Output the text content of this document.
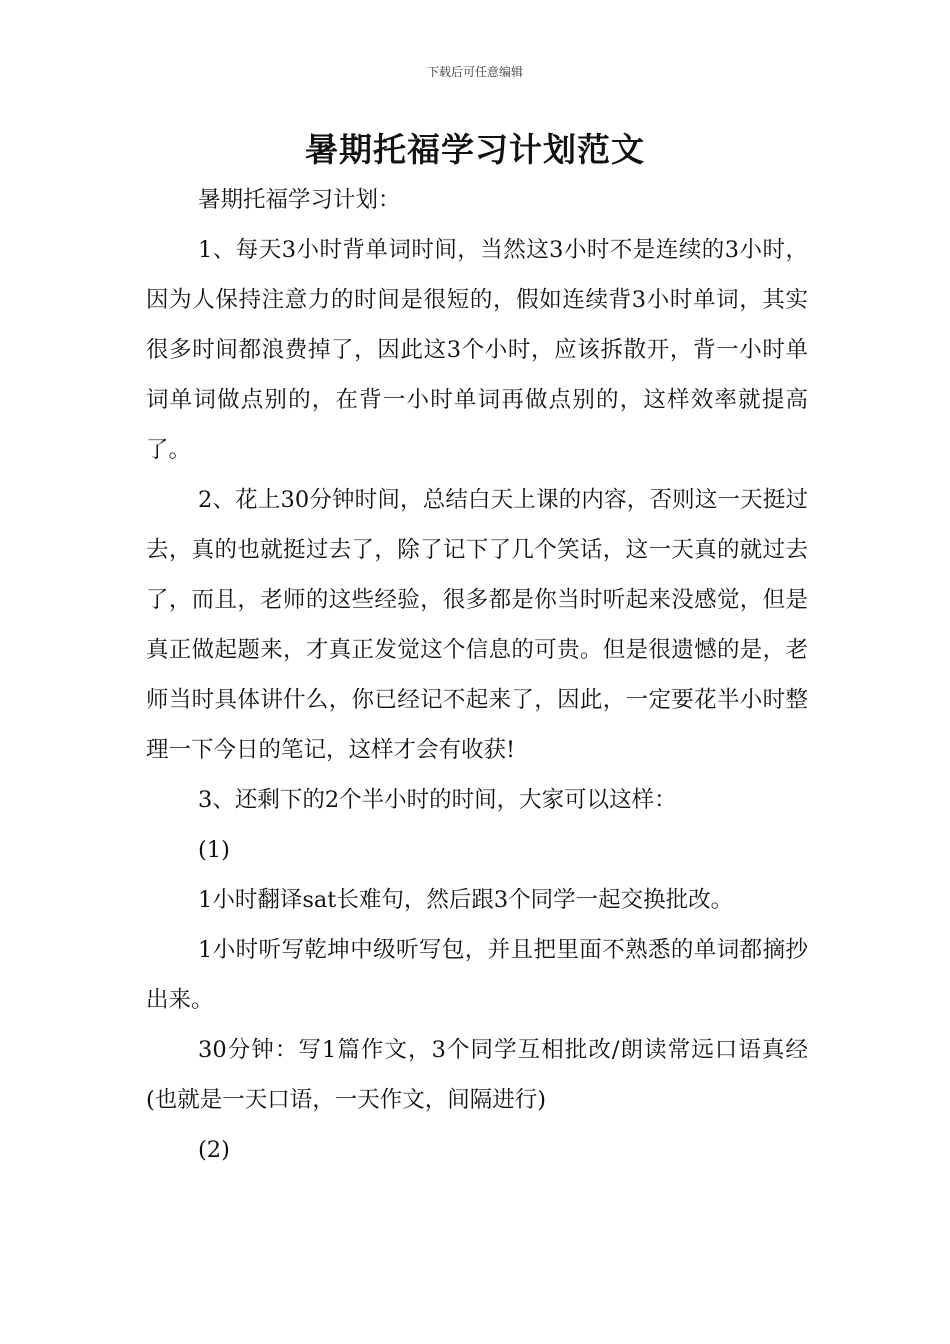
下载后可任意编辑
暑期托福学习计划范文

暑期托福学习计划：

1、每天3小时背单词时间，当然这3小时不是连续的3小时，因为人保持注意力的时间是很短的，假如连续背3小时单词，其实很多时间都浪费掉了，因此这3个小时，应该拆散开，背一小时单词单词做点别的，在背一小时单词再做点别的，这样效率就提高了。

2、花上30分钟时间，总结白天上课的内容，否则这一天挺过去，真的也就挺过去了，除了记下了几个笑话，这一天真的就过去了，而且，老师的这些经验，很多都是你当时听起来没感觉，但是真正做起题来，才真正发觉这个信息的可贵。但是很遗憾的是，老师当时具体讲什么，你已经记不起来了，因此，一定要花半小时整理一下今日的笔记，这样才会有收获!

3、还剩下的2个半小时的时间，大家可以这样：

(1)

1小时翻译sat长难句，然后跟3个同学一起交换批改。

1小时听写乾坤中级听写包，并且把里面不熟悉的单词都摘抄出来。

30分钟：写1篇作文，3个同学互相批改/朗读常远口语真经(也就是一天口语，一天作文，间隔进行)

(2)
